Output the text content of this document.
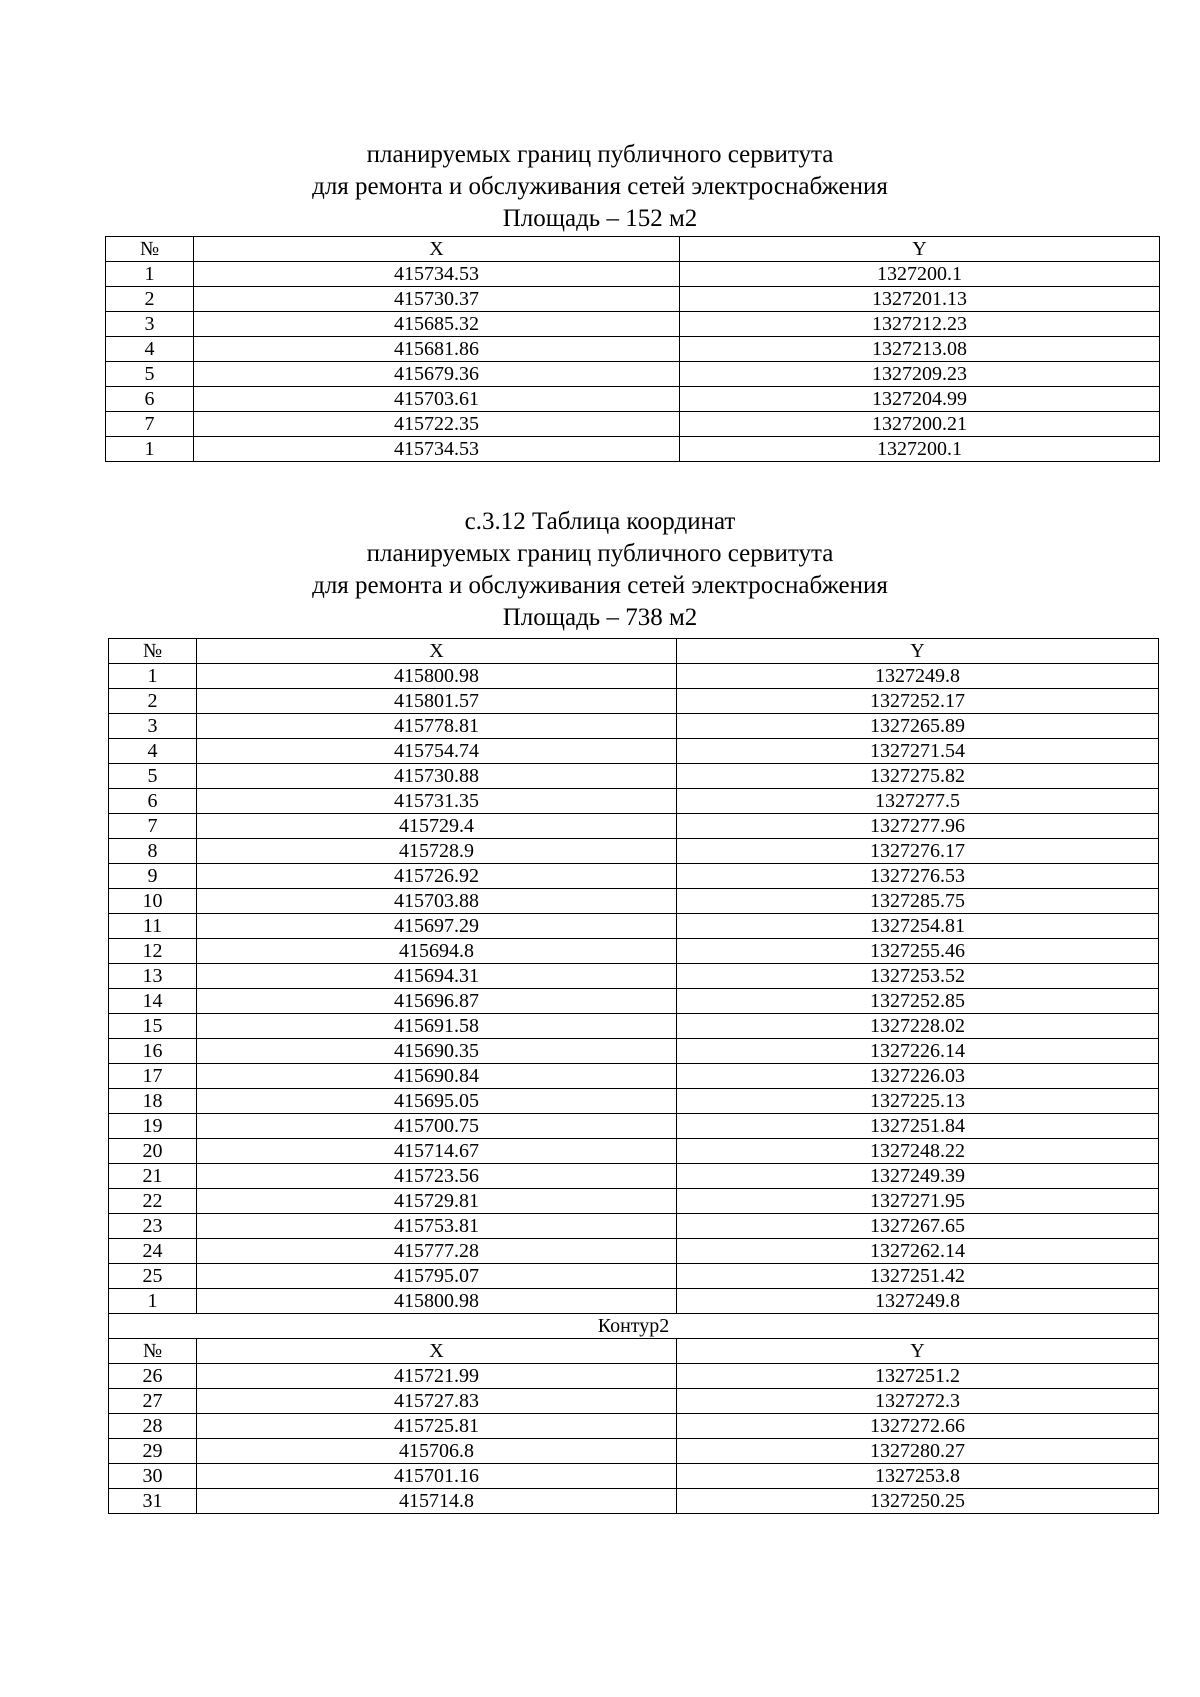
планируемых границ публичного сервитута
для ремонта и обслуживания сетей электроснабжения
Площадь – 152 м2
№	X	Y
1	415734.53	1327200.1
2	415730.37	1327201.13
3	415685.32	1327212.23
4	415681.86	1327213.08
5	415679.36	1327209.23
6	415703.61	1327204.99
7	415722.35	1327200.21
1	415734.53	1327200.1
с.3.12 Таблица координат
планируемых границ публичного сервитута
для ремонта и обслуживания сетей электроснабжения
Площадь – 738 м2
№	X	Y
1	415800.98	1327249.8
2	415801.57	1327252.17
3	415778.81	1327265.89
4	415754.74	1327271.54
5	415730.88	1327275.82
6	415731.35	1327277.5
7	415729.4	1327277.96
8	415728.9	1327276.17
9	415726.92	1327276.53
10	415703.88	1327285.75
11	415697.29	1327254.81
12	415694.8	1327255.46
13	415694.31	1327253.52
14	415696.87	1327252.85
15	415691.58	1327228.02
16	415690.35	1327226.14
17	415690.84	1327226.03
18	415695.05	1327225.13
19	415700.75	1327251.84
20	415714.67	1327248.22
21	415723.56	1327249.39
22	415729.81	1327271.95
23	415753.81	1327267.65
24	415777.28	1327262.14
25	415795.07	1327251.42
1	415800.98	1327249.8
Контур2		
№	X	Y
26	415721.99	1327251.2
27	415727.83	1327272.3
28	415725.81	1327272.66
29	415706.8	1327280.27
30	415701.16	1327253.8
31	415714.8	1327250.25
